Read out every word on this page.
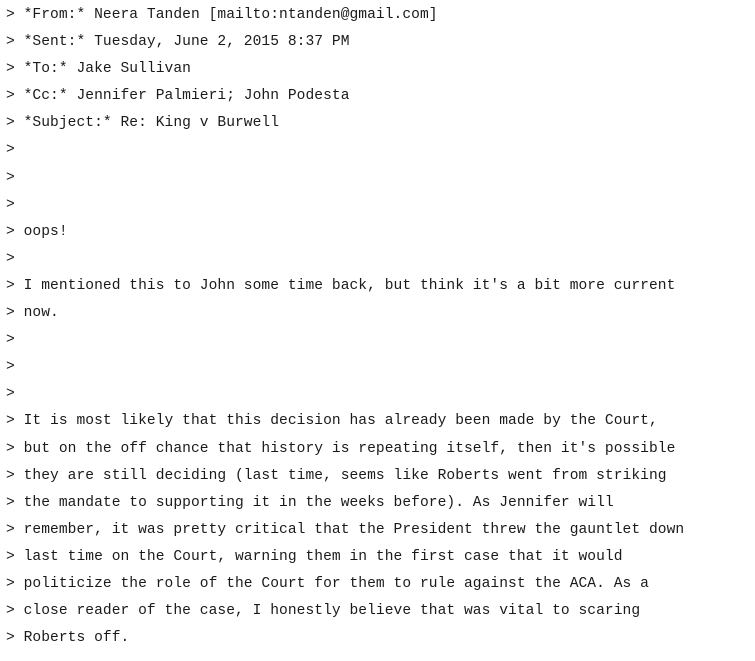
> *From:* Neera Tanden [mailto:ntanden@gmail.com]
> *Sent:* Tuesday, June 2, 2015 8:37 PM
> *To:* Jake Sullivan
> *Cc:* Jennifer Palmieri; John Podesta
> *Subject:* Re: King v Burwell
>
>
>
> oops!
>
> I mentioned this to John some time back, but think it's a bit more current
> now.
>
>
>
> It is most likely that this decision has already been made by the Court,
> but on the off chance that history is repeating itself, then it's possible
> they are still deciding (last time, seems like Roberts went from striking
> the mandate to supporting it in the weeks before). As Jennifer will
> remember, it was pretty critical that the President threw the gauntlet down
> last time on the Court, warning them in the first case that it would
> politicize the role of the Court for them to rule against the ACA. As a
> close reader of the case, I honestly believe that was vital to scaring
> Roberts off.
